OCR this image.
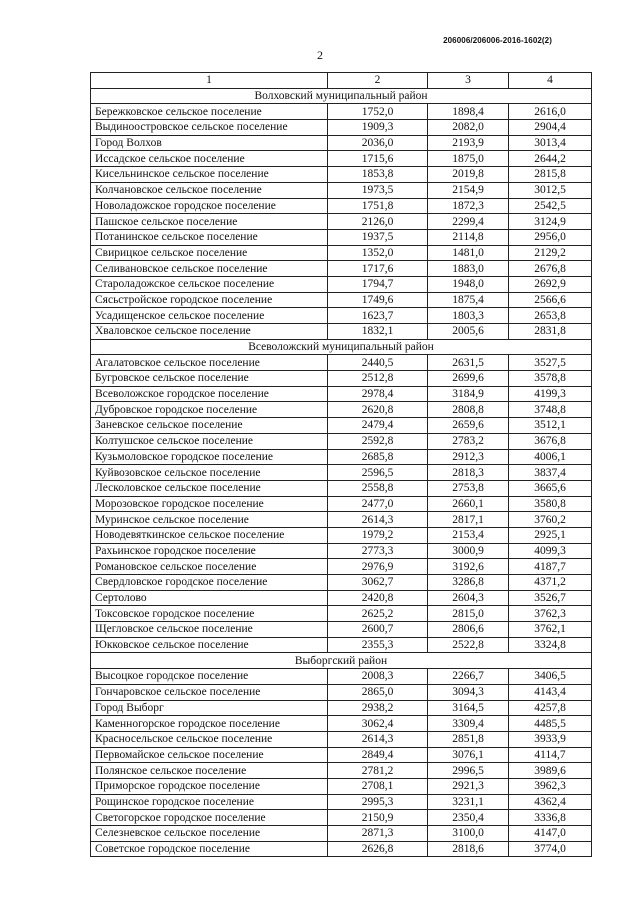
206006/206006-2016-1602(2)
2
1	2	3	4
Волховский муниципальный район			
Бережковское сельское поселение	1752,0	1898,4	2616,0
Выдиноостровское сельское поселение	1909,3	2082,0	2904,4
Город Волхов	2036,0	2193,9	3013,4
Иссадское сельское поселение	1715,6	1875,0	2644,2
Кисельнинское сельское поселение	1853,8	2019,8	2815,8
Колчановское сельское поселение	1973,5	2154,9	3012,5
Новоладожское городское поселение	1751,8	1872,3	2542,5
Пашское сельское поселение	2126,0	2299,4	3124,9
Потанинское сельское поселение	1937,5	2114,8	2956,0
Свирицкое сельское поселение	1352,0	1481,0	2129,2
Селивановское сельское поселение	1717,6	1883,0	2676,8
Староладожское сельское поселение	1794,7	1948,0	2692,9
Сясьстройское городское поселение	1749,6	1875,4	2566,6
Усадищенское сельское поселение	1623,7	1803,3	2653,8
Хваловское сельское поселение	1832,1	2005,6	2831,8
Всеволожский муниципальный район			
Агалатовское сельское поселение	2440,5	2631,5	3527,5
Бугровское сельское поселение	2512,8	2699,6	3578,8
Всеволожское городское поселение	2978,4	3184,9	4199,3
Дубровское городское поселение	2620,8	2808,8	3748,8
Заневское сельское поселение	2479,4	2659,6	3512,1
Колтушское сельское поселение	2592,8	2783,2	3676,8
Кузьмоловское городское поселение	2685,8	2912,3	4006,1
Куйвозовское сельское поселение	2596,5	2818,3	3837,4
Лесколовское сельское поселение	2558,8	2753,8	3665,6
Морозовское городское поселение	2477,0	2660,1	3580,8
Муринское сельское поселение	2614,3	2817,1	3760,2
Новодевяткинское сельское поселение	1979,2	2153,4	2925,1
Рахьинское городское поселение	2773,3	3000,9	4099,3
Романовское сельское поселение	2976,9	3192,6	4187,7
Свердловское городское поселение	3062,7	3286,8	4371,2
Сертолово	2420,8	2604,3	3526,7
Токсовское городское поселение	2625,2	2815,0	3762,3
Щегловское сельское поселение	2600,7	2806,6	3762,1
Юкковское сельское поселение	2355,3	2522,8	3324,8
Выборгский район			
Высоцкое городское поселение	2008,3	2266,7	3406,5
Гончаровское сельское поселение	2865,0	3094,3	4143,4
Город Выборг	2938,2	3164,5	4257,8
Каменногорское городское поселение	3062,4	3309,4	4485,5
Красносельское сельское поселение	2614,3	2851,8	3933,9
Первомайское сельское поселение	2849,4	3076,1	4114,7
Полянское сельское поселение	2781,2	2996,5	3989,6
Приморское городское поселение	2708,1	2921,3	3962,3
Рощинское городское поселение	2995,3	3231,1	4362,4
Светогорское городское поселение	2150,9	2350,4	3336,8
Селезневское сельское поселение	2871,3	3100,0	4147,0
Советское городское поселение	2626,8	2818,6	3774,0
